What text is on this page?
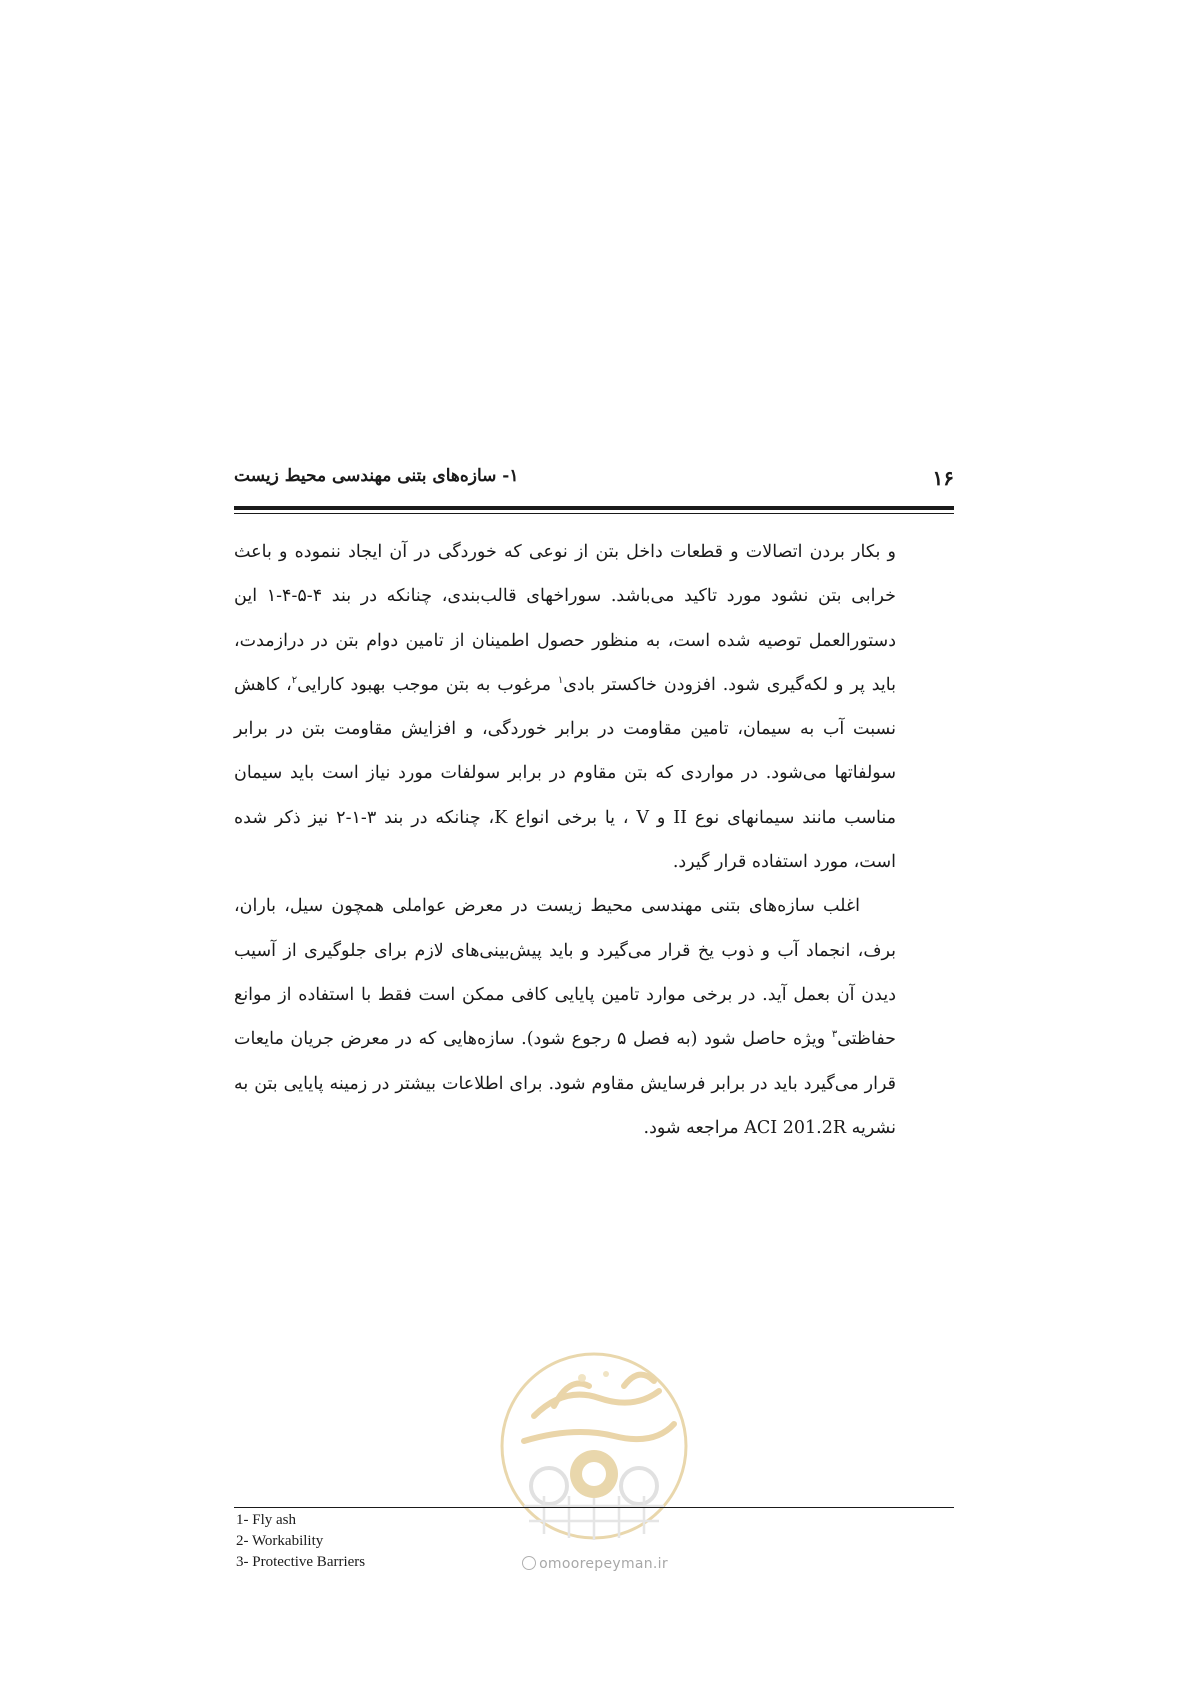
۱۶
۱- سازه‌های بتنی مهندسی محیط زیست

و بکار بردن اتصالات و قطعات داخل بتن از نوعی که خوردگی در آن ایجاد ننموده و باعث خرابی بتن نشود مورد تاکید می‌باشد. سوراخهای قالب‌بندی، چنانکه در بند ۴-۵-۴-۱ این دستورالعمل توصیه شده است، به منظور حصول اطمینان از تامین دوام بتن در درازمدت، باید پر و لکه‌گیری شود. افزودن خاکستر بادی$^۱$ مرغوب به بتن موجب بهبود کارایی$^۲$، کاهش نسبت آب به سیمان، تامین مقاومت در برابر خوردگی، و افزایش مقاومت بتن در برابر سولفاتها می‌شود. در مواردی که بتن مقاوم در برابر سولفات مورد نیاز است باید سیمان مناسب مانند سیمانهای نوع II و V ، یا برخی انواع K، چنانکه در بند ۳-۱-۲ نیز ذکر شده است، مورد استفاده قرار گیرد.

اغلب سازه‌های بتنی مهندسی محیط زیست در معرض عواملی همچون سیل، باران، برف، انجماد آب و ذوب یخ قرار می‌گیرد و باید پیش‌بینی‌های لازم برای جلوگیری از آسیب دیدن آن بعمل آید. در برخی موارد تامین پایایی کافی ممکن است فقط با استفاده از موانع حفاظتی$^۳$ ویژه حاصل شود (به فصل ۵ رجوع شود). سازه‌هایی که در معرض جریان مایعات قرار می‌گیرد باید در برابر فرسایش مقاوم شود. برای اطلاعات بیشتر در زمینه پایایی بتن به نشریه ACI 201.2R مراجعه شود.

omoorepeyman.ir
1- Fly ash
2- Workability
3- Protective Barriers
